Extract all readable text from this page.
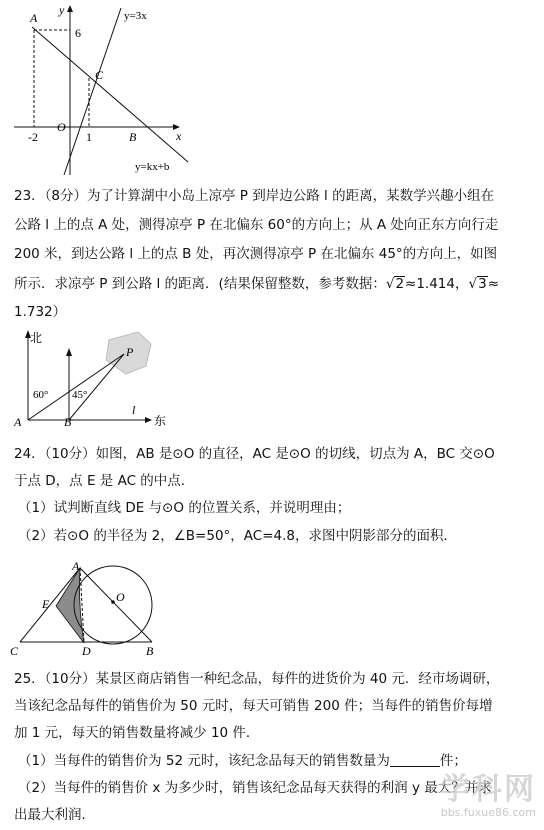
y
x
A
6
C
O
-2	1	B
y=3x
y=kx+b
23．（8分）为了计算湖中小岛上凉亭 P 到岸边公路 l 的距离，某数学兴趣小组在
公路 l 上的点 A 处，测得凉亭 P 在北偏东 60°的方向上；从 A 处向正东方向行走
200 米，到达公路 l 上的点 B 处，再次测得凉亭 P 在北偏东 45°的方向上，如图
所示．求凉亭 P 到公路 l 的距离．(结果保留整数，参考数据：√2≈1.414，√3≈
1.732）
北
东
P
A	B
l
60° 45°
24．（10分）如图，AB 是⊙O 的直径，AC 是⊙O 的切线，切点为 A，BC 交⊙O
于点 D，点 E 是 AC 的中点．
（1）试判断直线 DE 与⊙O 的位置关系，并说明理由；
（2）若⊙O 的半径为 2，∠B=50°，AC=4.8，求图中阴影部分的面积．
A
E	O
C	D	B
25．（10分）某景区商店销售一种纪念品，每件的进货价为 40 元．经市场调研，
当该纪念品每件的销售价为 50 元时，每天可销售 200 件；当每件的销售价每增
加 1 元，每天的销售数量将减少 10 件．
（1）当每件的销售价为 52 元时，该纪念品每天的销售数量为	件；
（2）当每件的销售价 x 为多少时，销售该纪念品每天获得的利润 y 最大？并求
出最大利润．
学科网
bbs.fuxue86.com
